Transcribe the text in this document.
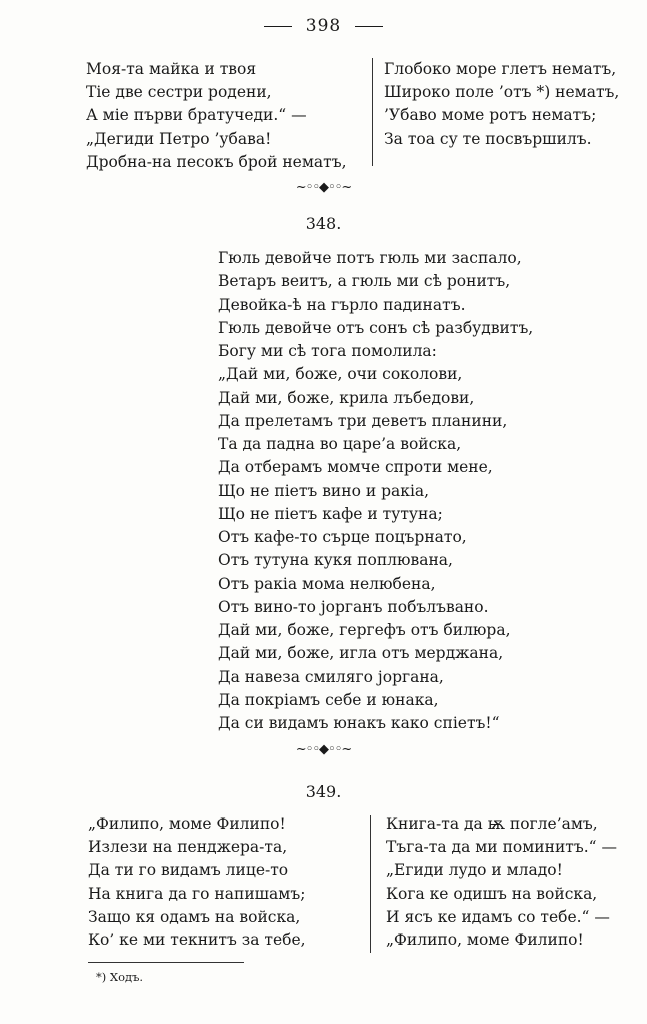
398
Моя-та майка и твоя
Тіе две сестри родени,
А міе първи братучеди.“ —
„Дегиди Петро ’убава!
Дробна-на песокъ брой нематъ,
Глобоко море глетъ нематъ,
Широко поле ’отъ *) нематъ,
’Убаво моме ротъ нематъ;
За тоа су те посвършилъ.
~◦◦◆◦◦~
348.
Гюль девойче потъ гюль ми заспало,
Ветаръ веитъ, а гюль ми сѣ ронитъ,
Девойка-ѣ на гърло падинатъ.
Гюль девойче отъ сонъ сѣ разбудвитъ,
Богу ми сѣ тога помолила:
„Дай ми, боже, очи соколови,
Дай ми, боже, крила лъбедови,
Да прелетамъ три деветъ планини,
Та да падна во царе’а войска,
Да отберамъ момче спроти мене,
Що не піетъ вино и ракіа,
Що не піетъ кафе и тутуна;
Отъ кафе-то сърце поцърнато,
Отъ тутуна кукя поплювана,
Отъ ракіа мома нелюбена,
Отъ вино-то јорганъ побълъвано.
Дай ми, боже, гергефъ отъ билюра,
Дай ми, боже, игла отъ мерджана,
Да навеза смиляго јоргана,
Да покріамъ себе и юнака,
Да си видамъ юнакъ како спіетъ!“
~◦◦◆◦◦~
349.
„Филипо, моме Филипо!
Излези на пенджера-та,
Да ти го видамъ лице-то
На книга да го напишамъ;
Защо кя одамъ на войска,
Ко’ ке ми текнитъ за тебе,
Книга-та да ѭ погле’амъ,
Тъга-та да ми поминитъ.“ —
„Егиди лудо и младо!
Кога ке одишъ на войска,
И ясъ ке идамъ со тебе.“ —
„Филипо, моме Филипо!
*) Ходъ.
